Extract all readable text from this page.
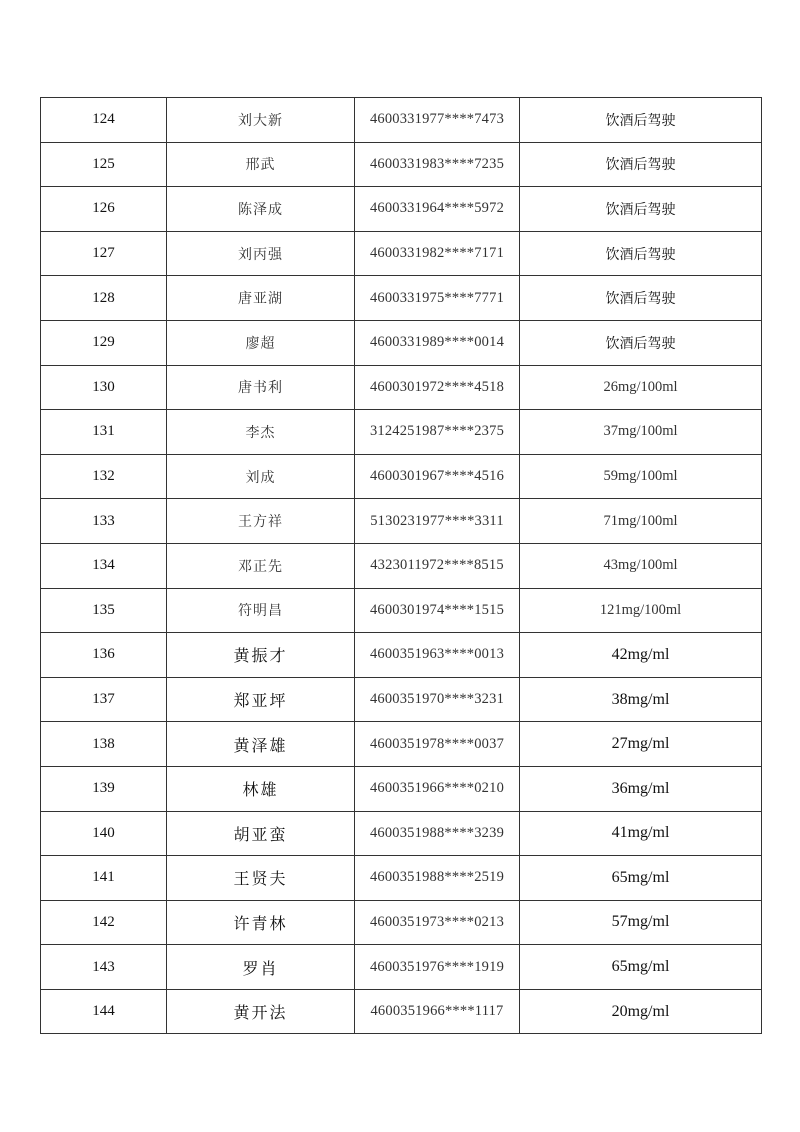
124	刘大新	4600331977****7473	饮酒后驾驶
125	邢武	4600331983****7235	饮酒后驾驶
126	陈泽成	4600331964****5972	饮酒后驾驶
127	刘丙强	4600331982****7171	饮酒后驾驶
128	唐亚湖	4600331975****7771	饮酒后驾驶
129	廖超	4600331989****0014	饮酒后驾驶
130	唐书利	4600301972****4518	26mg/100ml
131	李杰	3124251987****2375	37mg/100ml
132	刘成	4600301967****4516	59mg/100ml
133	王方祥	5130231977****3311	71mg/100ml
134	邓正先	4323011972****8515	43mg/100ml
135	符明昌	4600301974****1515	121mg/100ml
136	黄振才	4600351963****0013	42mg/ml
137	郑亚坪	4600351970****3231	38mg/ml
138	黄泽雄	4600351978****0037	27mg/ml
139	林雄	4600351966****0210	36mg/ml
140	胡亚蛮	4600351988****3239	41mg/ml
141	王贤夫	4600351988****2519	65mg/ml
142	许青林	4600351973****0213	57mg/ml
143	罗肖	4600351976****1919	65mg/ml
144	黄开法	4600351966****1117	20mg/ml
